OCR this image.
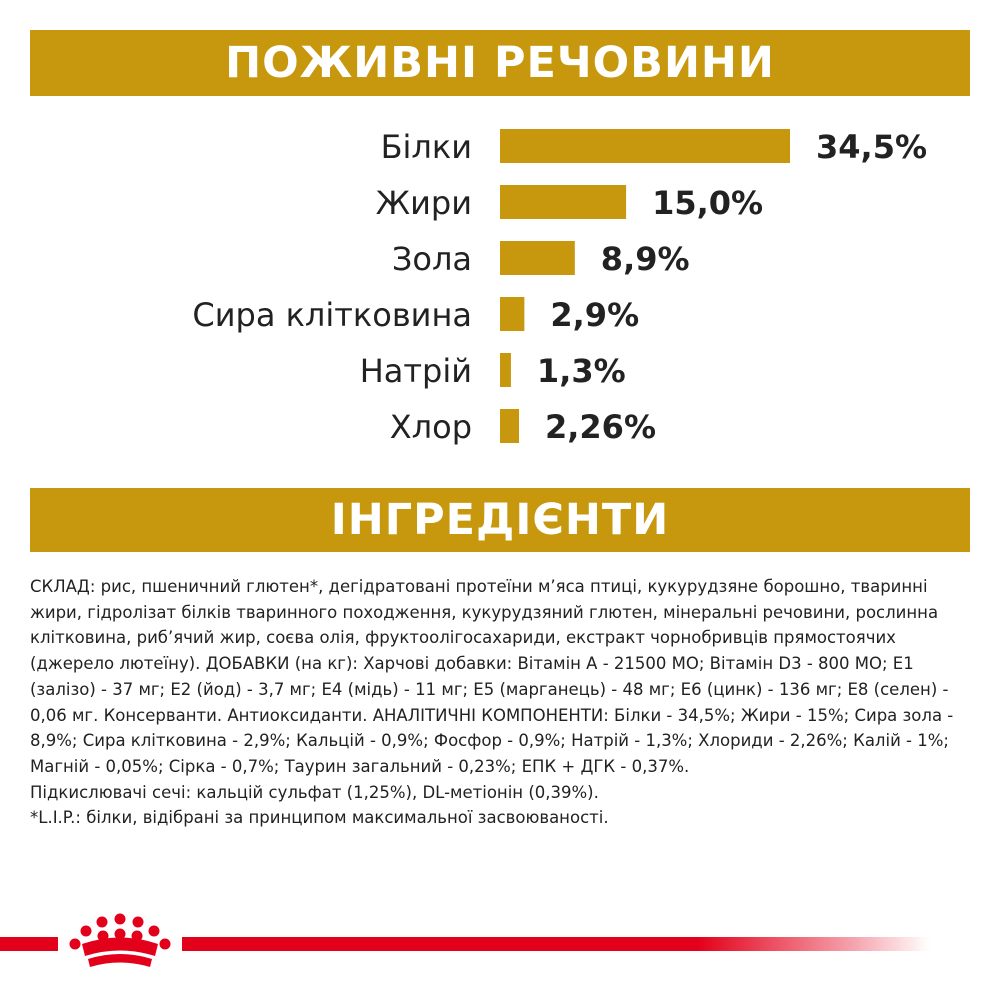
ПОЖИВНІ РЕЧОВИНИ
Білки	34,5%
Жири	15,0%
Зола	8,9%
Сира клітковина 2,9%
Натрій 1,3%
Хлор 2,26%
ІНГРЕДІЄНТИ

СКЛАД: рис, пшеничний глютен*, дегідратовані протеїни м’яса птиці, кукурудзяне борошно, тваринні жири, гідролізат білків тваринного походження, кукурудзяний глютен, мінеральні речовини, рослинна клітковина, риб’ячий жир, соєва олія, фруктоолігосахариди, екстракт чорнобривців прямостоячих (джерело лютеїну). ДОБАВКИ (на кг): Харчові добавки: Вітамін А - 21500 МО; Вітамін D3 - 800 МО; E1 (залізо) - 37 мг; E2 (йод) - 3,7 мг; E4 (мідь) - 11 мг; E5 (марганець) - 48 мг; E6 (цинк) - 136 мг; E8 (селен) - 0,06 мг. Консерванти. Антиоксиданти. АНАЛІТИЧНІ КОМПОНЕНТИ: Білки - 34,5%; Жири - 15%; Сира зола - 8,9%; Сира клітковина - 2,9%; Кальцій - 0,9%; Фосфор - 0,9%; Натрій - 1,3%; Хлориди - 2,26%; Калій - 1%; Магній - 0,05%; Сірка - 0,7%; Таурин загальний - 0,23%; ЕПК + ДГК - 0,37%.
Підкислювачі сечі: кальцій сульфат (1,25%), DL-метіонін (0,39%).
*L.I.P.: білки, відібрані за принципом максимальної засвоюваності.
